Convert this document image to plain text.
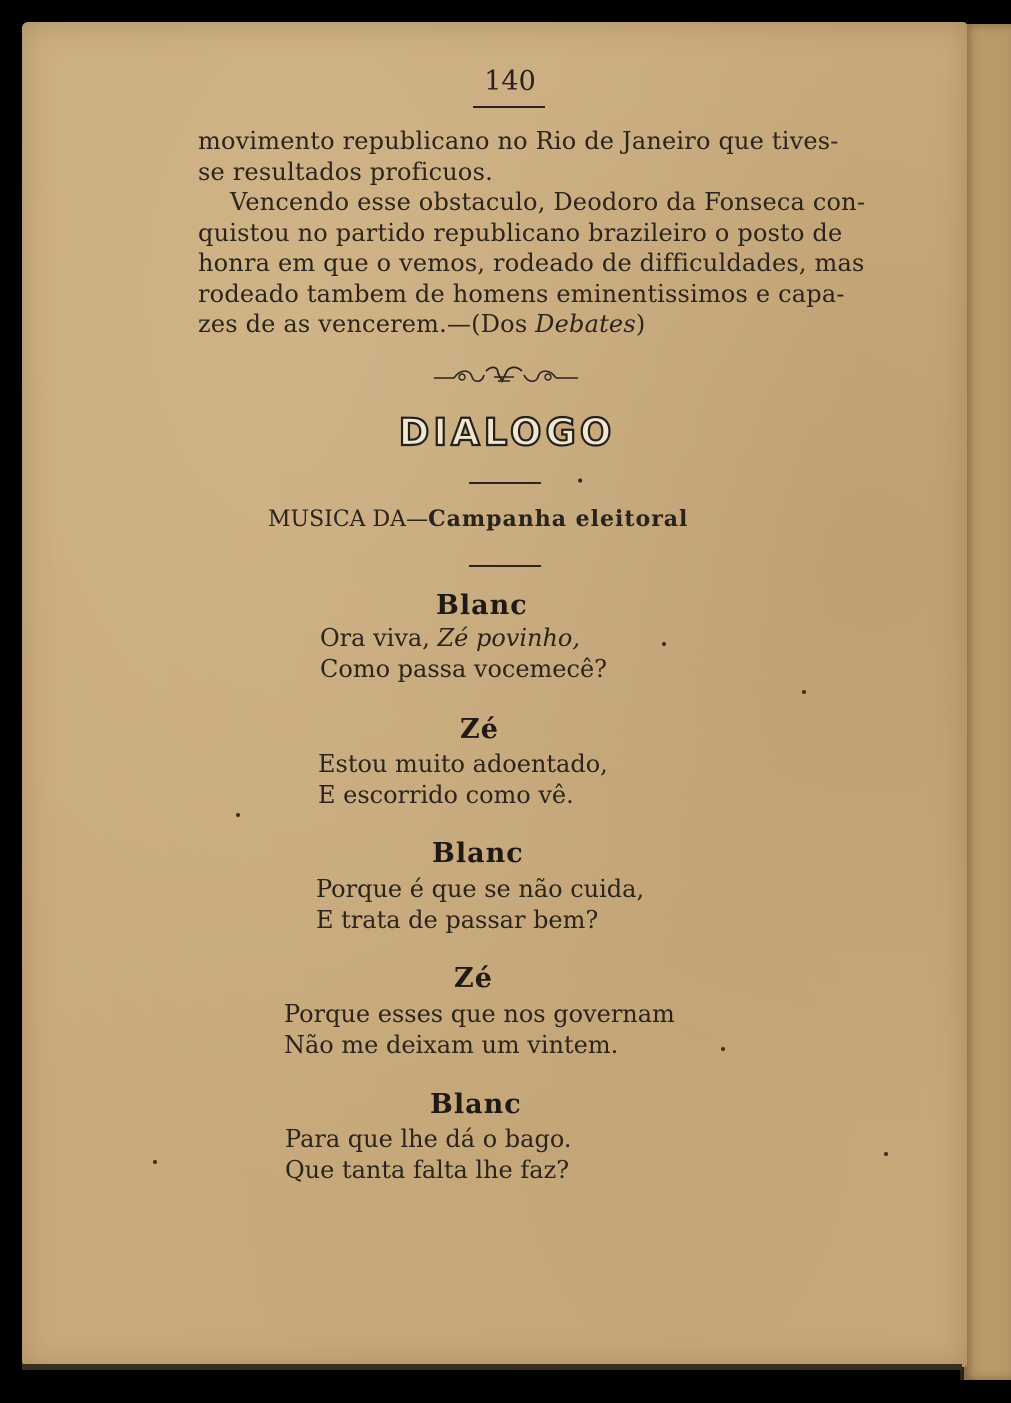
140
movimento republicano no Rio de Janeiro que tives-
se resultados proficuos.
Vencendo esse obstaculo, Deodoro da Fonseca con-
quistou no partido republicano brazileiro o posto de
honra em que o vemos, rodeado de difficuldades, mas
rodeado tambem de homens eminentissimos e capa-
zes de as vencerem.—(Dos Debates)
DIALOGO
•
MUSICA DA—Campanha eleitoral
Blanc
Ora viva, Zé povinho,
Como passa vocemecê?
Zé
Estou muito adoentado,
E escorrido como vê.
Blanc
Porque é que se não cuida,
E trata de passar bem?
Zé
Porque esses que nos governam
Não me deixam um vintem.
Blanc
Para que lhe dá o bago.
Que tanta falta lhe faz?
